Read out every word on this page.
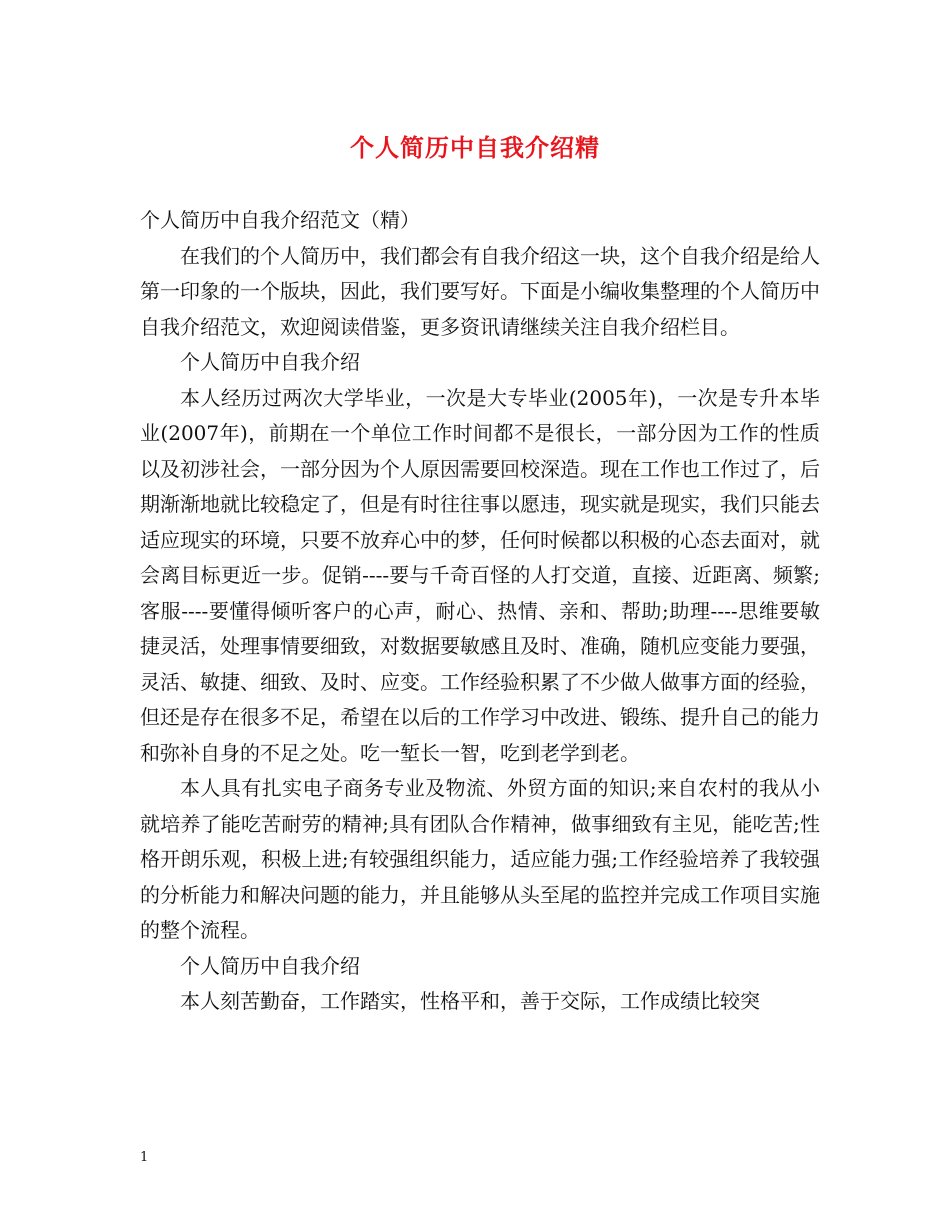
个人简历中自我介绍精

个人简历中自我介绍范文（精）

在我们的个人简历中，我们都会有自我介绍这一块，这个自我介绍是给人第一印象的一个版块，因此，我们要写好。下面是小编收集整理的个人简历中自我介绍范文，欢迎阅读借鉴，更多资讯请继续关注自我介绍栏目。

个人简历中自我介绍

本人经历过两次大学毕业，一次是大专毕业(2005年)，一次是专升本毕业(2007年)，前期在一个单位工作时间都不是很长，一部分因为工作的性质以及初涉社会，一部分因为个人原因需要回校深造。现在工作也工作过了，后期渐渐地就比较稳定了，但是有时往往事以愿违，现实就是现实，我们只能去适应现实的环境，只要不放弃心中的梦，任何时候都以积极的心态去面对，就会离目标更近一步。促销----要与千奇百怪的人打交道，直接、近距离、频繁;客服----要懂得倾听客户的心声，耐心、热情、亲和、帮助;助理----思维要敏捷灵活，处理事情要细致，对数据要敏感且及时、准确，随机应变能力要强，灵活、敏捷、细致、及时、应变。工作经验积累了不少做人做事方面的经验，但还是存在很多不足，希望在以后的工作学习中改进、锻练、提升自己的能力和弥补自身的不足之处。吃一堑长一智，吃到老学到老。

本人具有扎实电子商务专业及物流、外贸方面的知识;来自农村的我从小就培养了能吃苦耐劳的精神;具有团队合作精神，做事细致有主见，能吃苦;性格开朗乐观，积极上进;有较强组织能力，适应能力强;工作经验培养了我较强的分析能力和解决问题的能力，并且能够从头至尾的监控并完成工作项目实施的整个流程。

个人简历中自我介绍

本人刻苦勤奋，工作踏实，性格平和，善于交际，工作成绩比较突

1
